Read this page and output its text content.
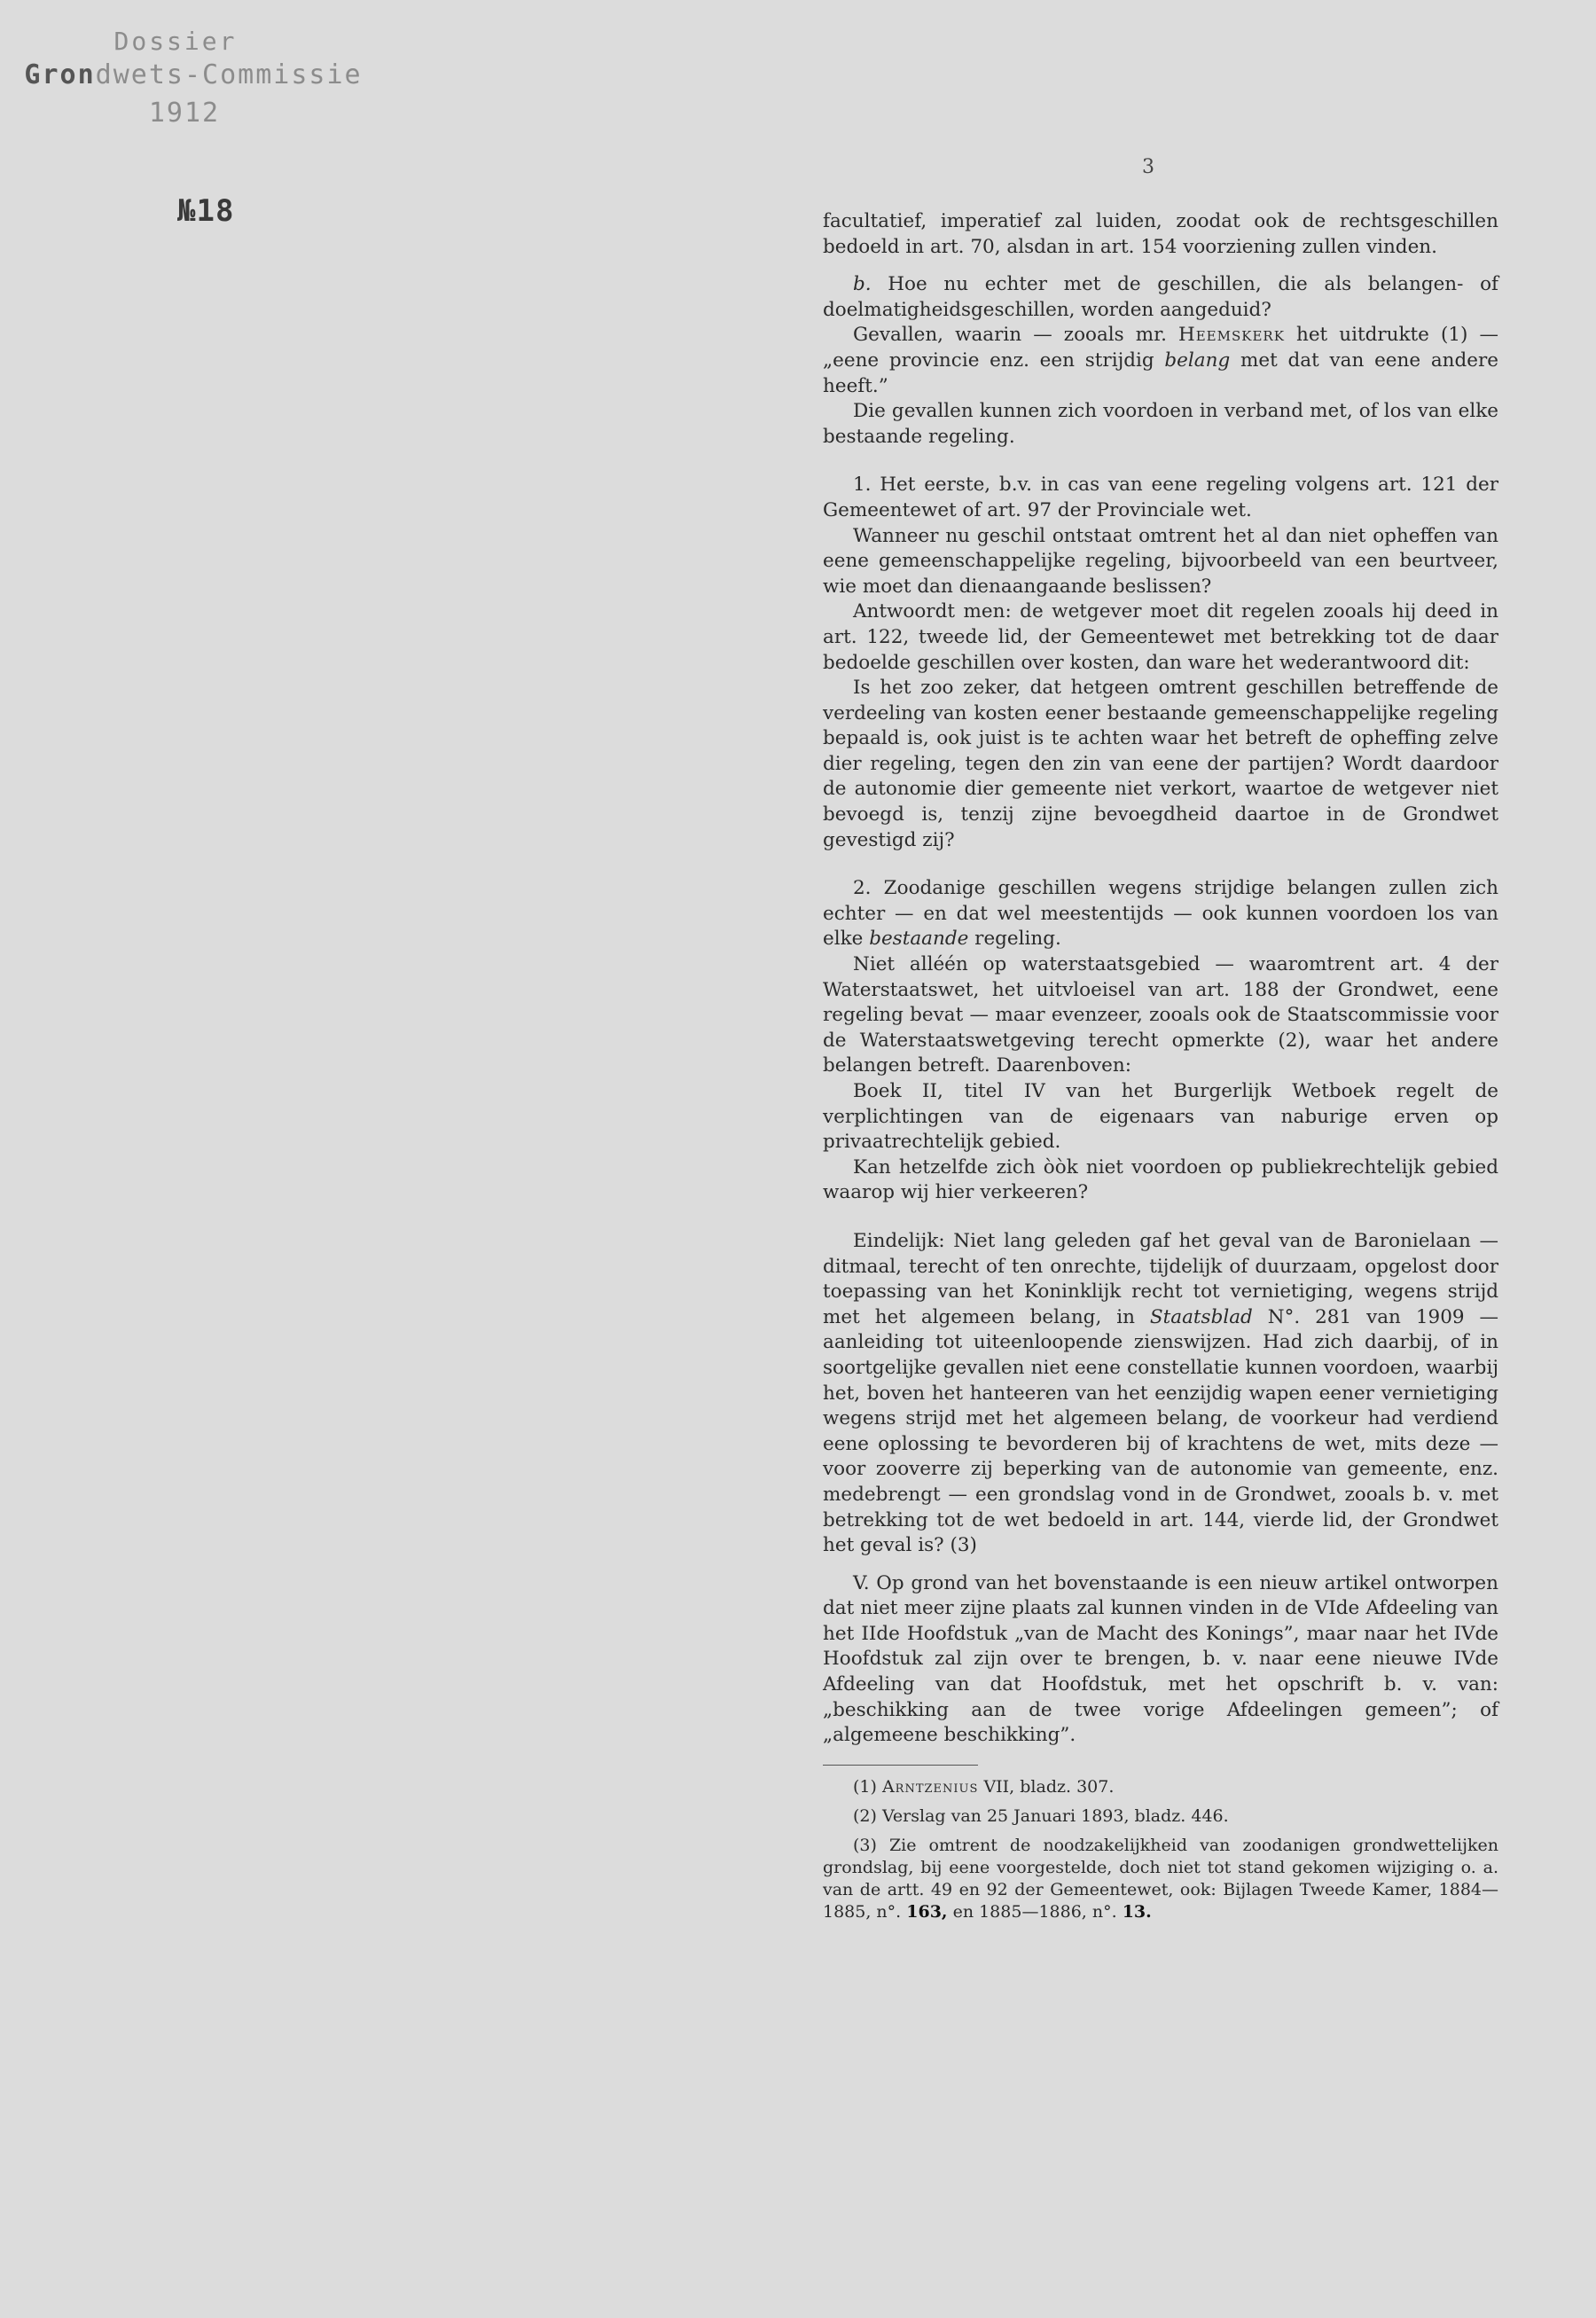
Dossier
Grondwets-Commissie
1912
№18
3

facultatief, imperatief zal luiden, zoodat ook de rechtsgeschillen bedoeld in art. 70, alsdan in art. 154 voorziening zullen vinden.

b. Hoe nu echter met de geschillen, die als belangen- of doelmatigheidsgeschillen, worden aangeduid?

Gevallen, waarin — zooals mr. Heemskerk het uitdrukte (1) — „eene provincie enz. een strijdig belang met dat van eene andere heeft.”

Die gevallen kunnen zich voordoen in verband met, of los van elke bestaande regeling.

1. Het eerste, b.v. in cas van eene regeling volgens art. 121 der Gemeentewet of art. 97 der Provinciale wet.

Wanneer nu geschil ontstaat omtrent het al dan niet opheffen van eene gemeenschappelijke regeling, bijvoorbeeld van een beurtveer, wie moet dan dienaangaande beslissen?

Antwoordt men: de wetgever moet dit regelen zooals hij deed in art. 122, tweede lid, der Gemeentewet met betrekking tot de daar bedoelde geschillen over kosten, dan ware het wederantwoord dit:

Is het zoo zeker, dat hetgeen omtrent geschillen betreffende de verdeeling van kosten eener bestaande gemeenschappelijke regeling bepaald is, ook juist is te achten waar het betreft de opheffing zelve dier regeling, tegen den zin van eene der partijen? Wordt daardoor de autonomie dier gemeente niet verkort, waartoe de wetgever niet bevoegd is, tenzij zijne bevoegdheid daartoe in de Grondwet gevestigd zij?

2. Zoodanige geschillen wegens strijdige belangen zullen zich echter — en dat wel meestentijds — ook kunnen voordoen los van elke bestaande regeling.

Niet alléén op waterstaatsgebied — waaromtrent art. 4 der Waterstaatswet, het uitvloeisel van art. 188 der Grondwet, eene regeling bevat — maar evenzeer, zooals ook de Staatscommissie voor de Waterstaatswetgeving terecht opmerkte (2), waar het andere belangen betreft. Daarenboven:

Boek II, titel IV van het Burgerlijk Wetboek regelt de verplichtingen van de eigenaars van naburige erven op privaatrechtelijk gebied.

Kan hetzelfde zich òòk niet voordoen op publiekrechtelijk gebied waarop wij hier verkeeren?

Eindelijk: Niet lang geleden gaf het geval van de Baronielaan — ditmaal, terecht of ten onrechte, tijdelijk of duurzaam, opgelost door toepassing van het Koninklijk recht tot vernietiging, wegens strijd met het algemeen belang, in Staatsblad N°. 281 van 1909 — aanleiding tot uiteenloopende zienswijzen. Had zich daarbij, of in soortgelijke gevallen niet eene constellatie kunnen voordoen, waarbij het, boven het hanteeren van het eenzijdig wapen eener vernietiging wegens strijd met het algemeen belang, de voorkeur had verdiend eene oplossing te bevorderen bij of krachtens de wet, mits deze — voor zooverre zij beperking van de autonomie van gemeente, enz. medebrengt — een grondslag vond in de Grondwet, zooals b. v. met betrekking tot de wet bedoeld in art. 144, vierde lid, der Grondwet het geval is? (3)

V. Op grond van het bovenstaande is een nieuw artikel ontworpen dat niet meer zijne plaats zal kunnen vinden in de VIde Afdeeling van het IIde Hoofdstuk „van de Macht des Konings”, maar naar het IVde Hoofdstuk zal zijn over te brengen, b. v. naar eene nieuwe IVde Afdeeling van dat Hoofdstuk, met het opschrift b. v. van: „beschikking aan de twee vorige Afdeelingen gemeen”; of „algemeene beschikking”.

(1) Arntzenius VII, bladz. 307.

(2) Verslag van 25 Januari 1893, bladz. 446.

(3) Zie omtrent de noodzakelijkheid van zoodanigen grondwettelijken grondslag, bij eene voorgestelde, doch niet tot stand gekomen wijziging o. a. van de artt. 49 en 92 der Gemeentewet, ook: Bijlagen Tweede Kamer, 1884—1885, n°. 163, en 1885—1886, n°. 13.
